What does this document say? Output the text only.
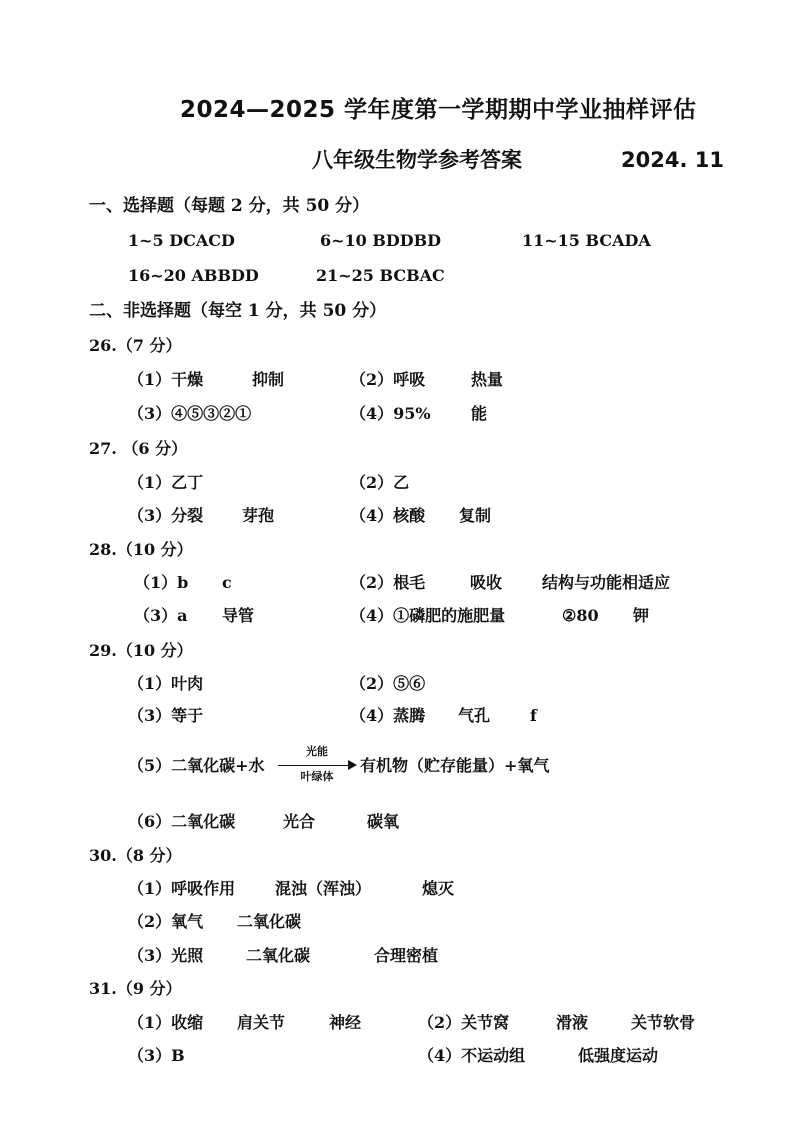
2024—2025 学年度第一学期期中学业抽样评估
八年级生物学参考答案	2024. 11
一、选择题（每题 2 分，共 50 分）
1~5 DCACD	6~10 BDDBD	11~15 BCADA
16~20 ABBDD	21~25 BCBAC
二、非选择题（每空 1 分，共 50 分）
26.（7 分）
（1）干燥	抑制	（2）呼吸	热量
（3）④⑤③②①	（4）95%	能
27. （6 分）
（1）乙丁	（2）乙
（3）分裂 芽孢	（4）核酸 复制
28.（10 分）
（1）b c	（2）根毛	吸收 结构与功能相适应
（3）a 导管	（4）①磷肥的施肥量	②80 钾
29.（10 分）
（1）叶肉	（2）⑤⑥
（3）等于	（4）蒸腾 气孔 f
（5）二氧化碳+水
光能
叶绿体
有机物（贮存能量）+氧气
（6）二氧化碳	光合	碳氧
30.（8 分）
（1）呼吸作用 混浊（浑浊）	熄灭
（2）氧气 二氧化碳
（3）光照	二氧化碳	合理密植
31.（9 分）
（1）收缩 肩关节	神经	（2）关节窝	滑液	关节软骨
（3）B	（4）不运动组	低强度运动
